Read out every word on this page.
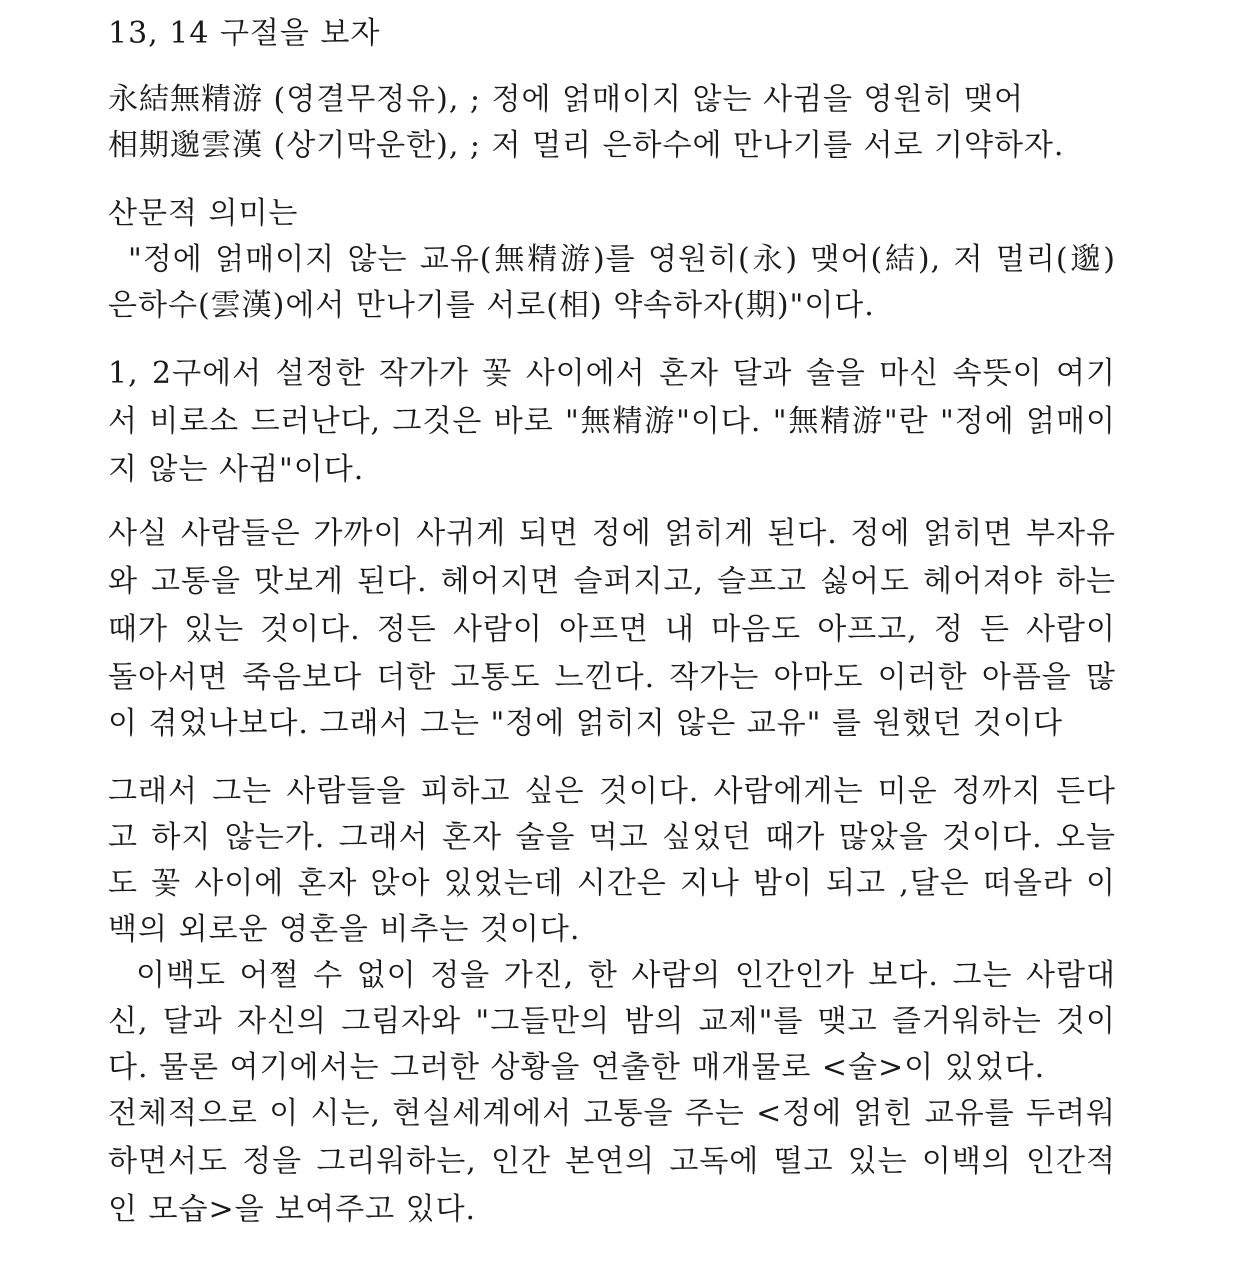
13, 14 구절을 보자
永結無精游 (영결무정유), ; 정에 얽매이지 않는 사귐을 영원히 맺어
相期邈雲漢 (상기막운한), ; 저 멀리 은하수에 만나기를 서로 기약하자.
산문적 의미는
"정에 얽매이지 않는 교유(無精游)를 영원히(永) 맺어(結), 저 멀리(邈)
은하수(雲漢)에서 만나기를 서로(相) 약속하자(期)"이다.
1, 2구에서 설정한 작가가 꽃 사이에서 혼자 달과 술을 마신 속뜻이 여기
서 비로소 드러난다, 그것은 바로 "無精游"이다. "無精游"란 "정에 얽매이
지 않는 사귐"이다.
사실 사람들은 가까이 사귀게 되면 정에 얽히게 된다. 정에 얽히면 부자유
와 고통을 맛보게 된다. 헤어지면 슬퍼지고, 슬프고 싫어도 헤어져야 하는
때가 있는 것이다. 정든 사람이 아프면 내 마음도 아프고, 정 든 사람이
돌아서면 죽음보다 더한 고통도 느낀다. 작가는 아마도 이러한 아픔을 많
이 겪었나보다. 그래서 그는 "정에 얽히지 않은 교유" 를 원했던 것이다
그래서 그는 사람들을 피하고 싶은 것이다. 사람에게는 미운 정까지 든다
고 하지 않는가. 그래서 혼자 술을 먹고 싶었던 때가 많았을 것이다. 오늘
도 꽃 사이에 혼자 앉아 있었는데 시간은 지나 밤이 되고 ,달은 떠올라 이
백의 외로운 영혼을 비추는 것이다.
이백도 어쩔 수 없이 정을 가진, 한 사람의 인간인가 보다. 그는 사람대
신, 달과 자신의 그림자와 "그들만의 밤의 교제"를 맺고 즐거워하는 것이
다. 물론 여기에서는 그러한 상황을 연출한 매개물로 <술>이 있었다.
전체적으로 이 시는, 현실세계에서 고통을 주는 <정에 얽힌 교유를 두려워
하면서도 정을 그리워하는, 인간 본연의 고독에 떨고 있는 이백의 인간적
인 모습>을 보여주고 있다.
